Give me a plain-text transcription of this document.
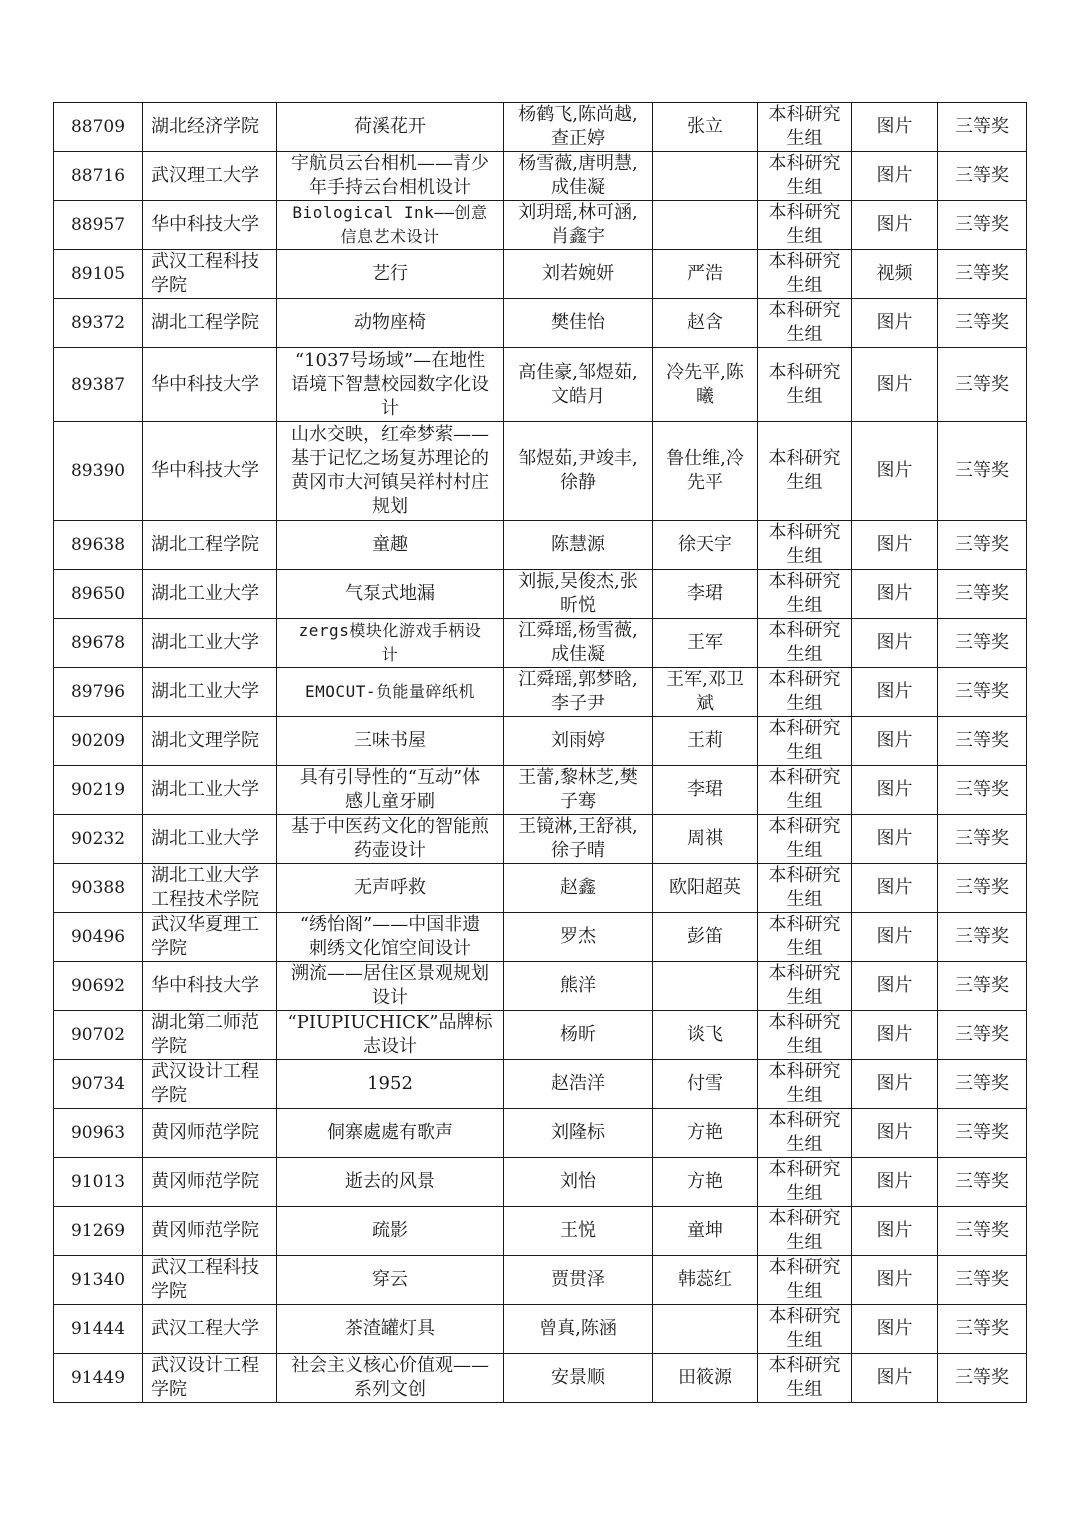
88709	湖北经济学院	荷溪花开	杨鹤飞,陈尚越,
查正婷	张立	本科研究
生组	图片	三等奖
88716	武汉理工大学	宇航员云台相机——青少
年手持云台相机设计	杨雪薇,唐明慧,
成佳凝		本科研究
生组	图片	三等奖
88957	华中科技大学	Biological Ink——创意
信息艺术设计	刘玥瑶,林可涵,
肖鑫宇		本科研究
生组	图片	三等奖
89105	武汉工程科技
学院	艺行	刘若婉妍	严浩	本科研究
生组	视频	三等奖
89372	湖北工程学院	动物座椅	樊佳怡	赵含	本科研究
生组	图片	三等奖
89387	华中科技大学	“1037号场域”—在地性
语境下智慧校园数字化设
计	高佳豪,邹煜茹,
文皓月	冷先平,陈
曦	本科研究
生组	图片	三等奖
89390	华中科技大学	山水交映，红牵梦萦——
基于记忆之场复苏理论的
黄冈市大河镇吴祥村村庄
规划	邹煜茹,尹竣丰,
徐静	鲁仕维,冷
先平	本科研究
生组	图片	三等奖
89638	湖北工程学院	童趣	陈慧源	徐天宇	本科研究
生组	图片	三等奖
89650	湖北工业大学	气泵式地漏	刘振,吴俊杰,张
昕悦	李珺	本科研究
生组	图片	三等奖
89678	湖北工业大学	zergs模块化游戏手柄设
计	江舜瑶,杨雪薇,
成佳凝	王军	本科研究
生组	图片	三等奖
89796	湖北工业大学	EMOCUT-负能量碎纸机	江舜瑶,郭梦晗,
李子尹	王军,邓卫
斌	本科研究
生组	图片	三等奖
90209	湖北文理学院	三味书屋	刘雨婷	王莉	本科研究
生组	图片	三等奖
90219	湖北工业大学	具有引导性的“互动”体
感儿童牙刷	王蕾,黎林芝,樊
子骞	李珺	本科研究
生组	图片	三等奖
90232	湖北工业大学	基于中医药文化的智能煎
药壶设计	王镜淋,王舒祺,
徐子晴	周祺	本科研究
生组	图片	三等奖
90388	湖北工业大学
工程技术学院	无声呼救	赵鑫	欧阳超英	本科研究
生组	图片	三等奖
90496	武汉华夏理工
学院	“绣怡阁”——中国非遗
刺绣文化馆空间设计	罗杰	彭笛	本科研究
生组	图片	三等奖
90692	华中科技大学	溯流——居住区景观规划
设计	熊洋		本科研究
生组	图片	三等奖
90702	湖北第二师范
学院	“PIUPIUCHICK”品牌标
志设计	杨昕	谈飞	本科研究
生组	图片	三等奖
90734	武汉设计工程
学院	1952	赵浩洋	付雪	本科研究
生组	图片	三等奖
90963	黄冈师范学院	侗寨處處有歌声	刘隆标	方艳	本科研究
生组	图片	三等奖
91013	黄冈师范学院	逝去的风景	刘怡	方艳	本科研究
生组	图片	三等奖
91269	黄冈师范学院	疏影	王悦	童坤	本科研究
生组	图片	三等奖
91340	武汉工程科技
学院	穿云	贾贯泽	韩蕊红	本科研究
生组	图片	三等奖
91444	武汉工程大学	茶渣罐灯具	曾真,陈涵		本科研究
生组	图片	三等奖
91449	武汉设计工程
学院	社会主义核心价值观——
系列文创	安景顺	田筱源	本科研究
生组	图片	三等奖
